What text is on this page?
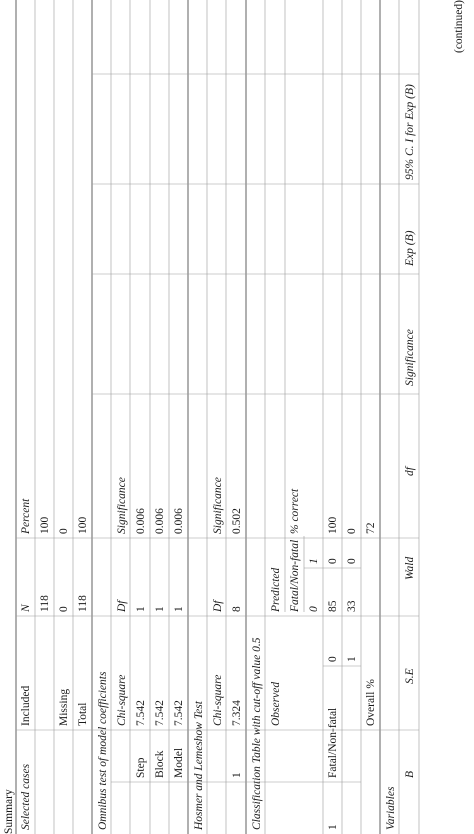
Summary Selected cases
Included
N
Percent
118
100
Missing
0
0
Total
118
100
Omnibus test of model coefficients Chi-square
Df
Significance
Step
7.542
1
0.006
Block
7.542
1
0.006
Model
7.542
1
0.006
Hosmer and Lemeshow Test
Chi-square
Df
Significance
1
7.324
8
0.502
Classification Table with cut-off value 0.5 Observed
Predicted Fatal/Non-fatal
% correct
0
1
1
Fatal/Non-fatal
0
85
0
100
1
33
0
0
Overall %
72
Variables
B
S.E
Wald
df
Significance
Exp (B)
95% C. I for Exp (B)
(continued)
